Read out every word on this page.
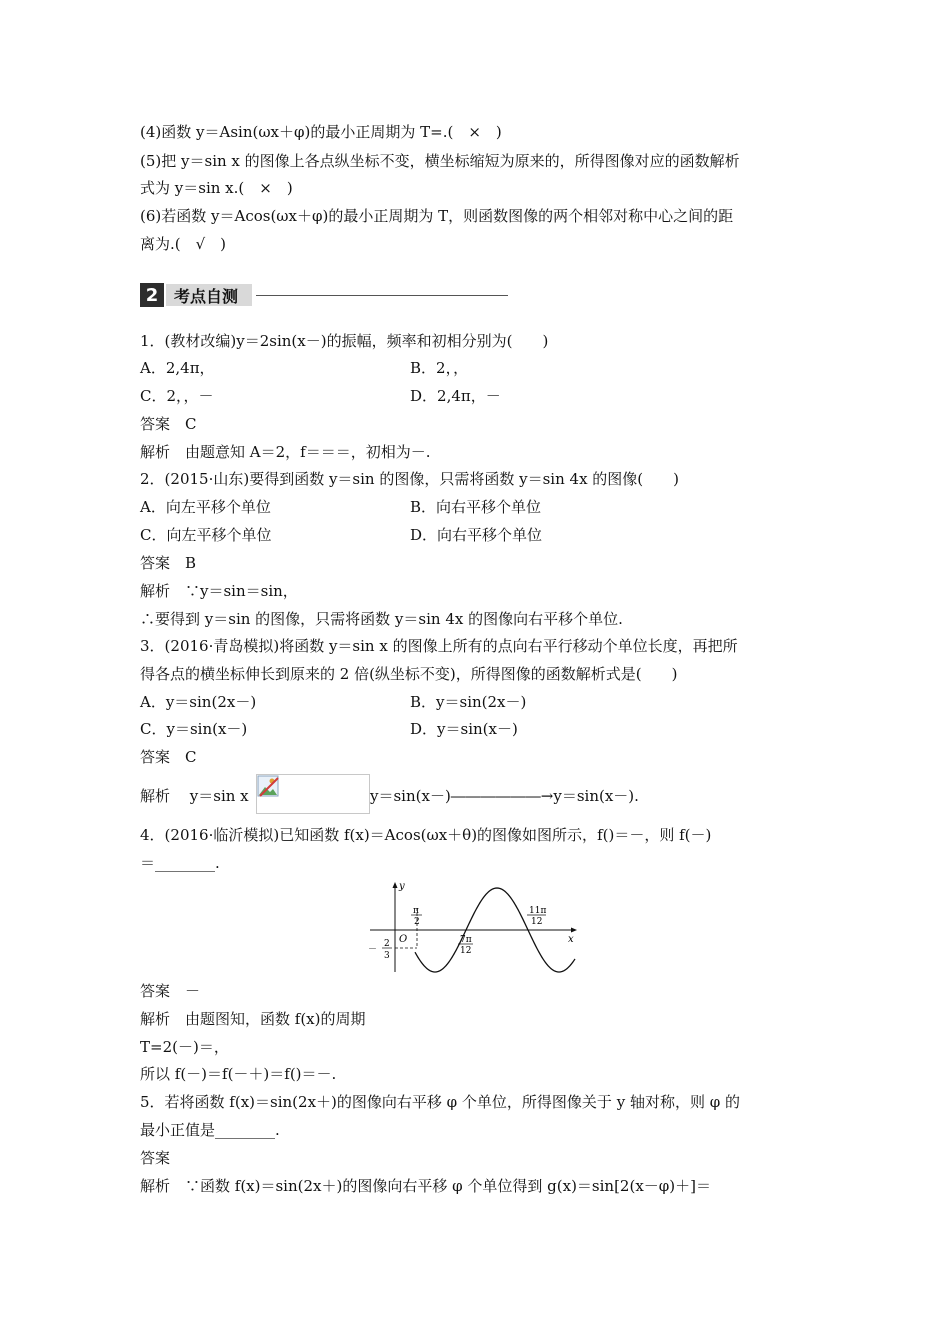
(4)函数 y＝Asin(ωx＋φ)的最小正周期为 T=.(　×　)
(5)把 y＝sin x 的图像上各点纵坐标不变，横坐标缩短为原来的，所得图像对应的函数解析
式为 y＝sin x.(　×　)
(6)若函数 y＝Acos(ωx＋φ)的最小正周期为 T，则函数图像的两个相邻对称中心之间的距
离为.(　√　)
2 考点自测
1．(教材改编)y＝2sin(x－)的振幅，频率和初相分别为(　　)
A．2,4π，	B．2，，
C．2，，－	D．2,4π，－
答案　C
解析　由题意知 A＝2，f＝＝＝，初相为－.
2．(2015·山东)要得到函数 y＝sin 的图像，只需将函数 y＝sin 4x 的图像(　　)
A．向左平移个单位	B．向右平移个单位
C．向左平移个单位	D．向右平移个单位
答案　B
解析　∵y＝sin＝sin，
∴要得到 y＝sin 的图像，只需将函数 y＝sin 4x 的图像向右平移个单位.
3．(2016·青岛模拟)将函数 y＝sin x 的图像上所有的点向右平行移动个单位长度，再把所
得各点的横坐标伸长到原来的 2 倍(纵坐标不变)，所得图像的函数解析式是(　　)
A．y＝sin(2x－)	B．y＝sin(2x－)
C．y＝sin(x－)	D．y＝sin(x－)
答案　C
解析　 y＝sin x	y＝sin(x－)――――――→y＝sin(x－).
4．(2016·临沂模拟)已知函数 f(x)＝Acos(ωx＋θ)的图像如图所示，f()＝－，则 f(－)
＝________.
y
x
O
π
2
7π
12
11π
12
－
2
3
答案　－
解析　由题图知，函数 f(x)的周期
T=2(－)＝，
所以 f(－)＝f(－＋)＝f()＝－.
5．若将函数 f(x)＝sin(2x＋)的图像向右平移 φ 个单位，所得图像关于 y 轴对称，则 φ 的
最小正值是________.
答案
解析　∵函数 f(x)＝sin(2x＋)的图像向右平移 φ 个单位得到 g(x)＝sin[2(x－φ)＋]＝
